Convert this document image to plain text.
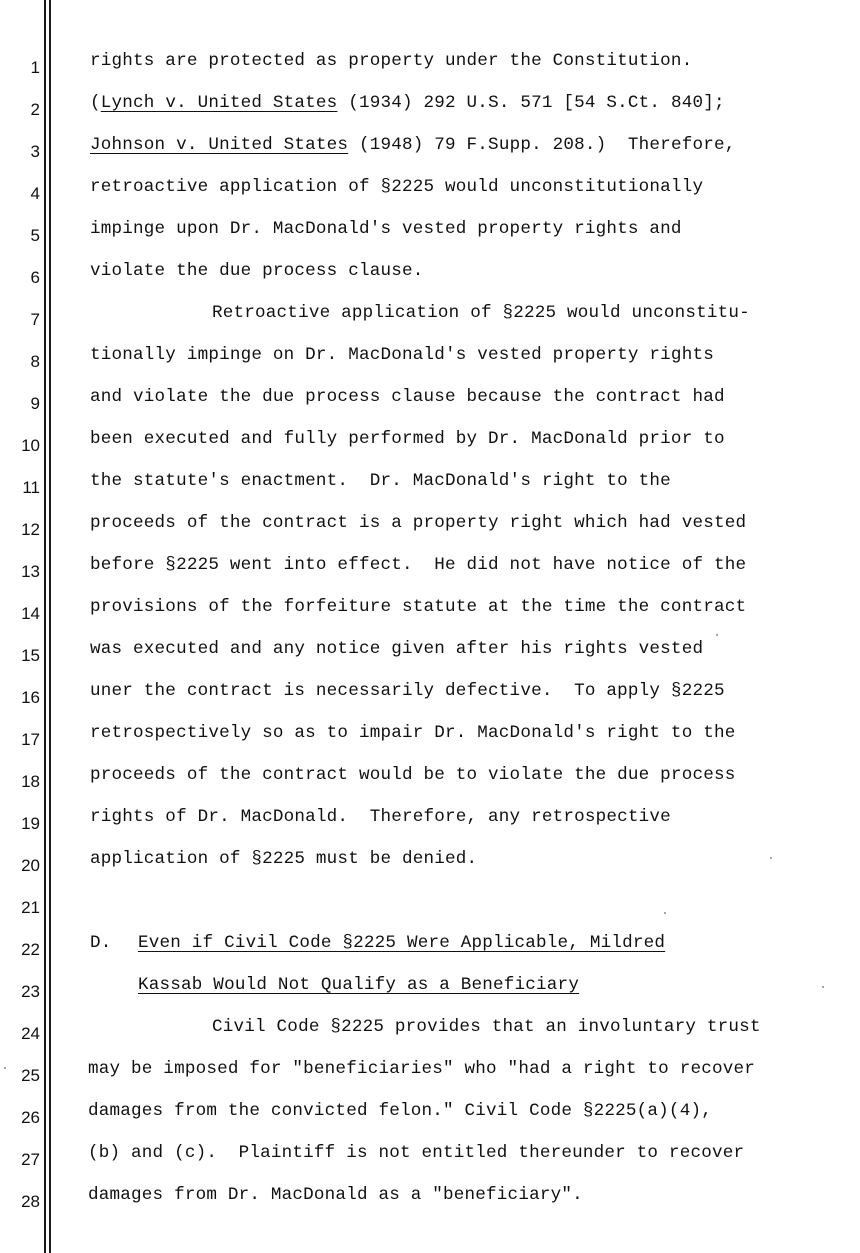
1
2
3
4
5
6
7
8
9
10
11
12
13
14
15
16
17
18
19
20
21
22
23
24
25
26
27
28
rights are protected as property under the Constitution.
(Lynch v. United States (1934) 292 U.S. 571 [54 S.Ct. 840];
Johnson v. United States (1948) 79 F.Supp. 208.)  Therefore,
retroactive application of §2225 would unconstitutionally
impinge upon Dr. MacDonald's vested property rights and
violate the due process clause.
Retroactive application of §2225 would unconstitu-
tionally impinge on Dr. MacDonald's vested property rights
and violate the due process clause because the contract had
been executed and fully performed by Dr. MacDonald prior to
the statute's enactment.  Dr. MacDonald's right to the
proceeds of the contract is a property right which had vested
before §2225 went into effect.  He did not have notice of the
provisions of the forfeiture statute at the time the contract
was executed and any notice given after his rights vested
uner the contract is necessarily defective.  To apply §2225
retrospectively so as to impair Dr. MacDonald's right to the
proceeds of the contract would be to violate the due process
rights of Dr. MacDonald.  Therefore, any retrospective
application of §2225 must be denied.
D. Even if Civil Code §2225 Were Applicable, Mildred
Kassab Would Not Qualify as a Beneficiary
Civil Code §2225 provides that an involuntary trust
may be imposed for "beneficiaries" who "had a right to recover
damages from the convicted felon." Civil Code §2225(a)(4),
(b) and (c).  Plaintiff is not entitled thereunder to recover
damages from Dr. MacDonald as a "beneficiary".
